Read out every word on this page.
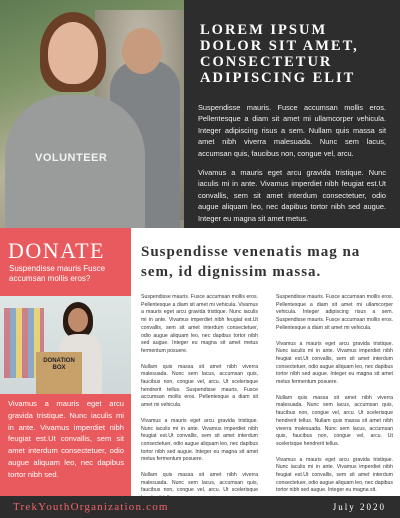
VOLUNTEER
LOREM IPSUM DOLOR SIT AMET, CONSECTETUR ADIPISCING ELIT

Suspendisse mauris. Fusce accumsan mollis eros. Pellentesque a diam sit amet mi ullamcorper vehicula. Integer adipiscing risus a sem. Nullam quis massa sit amet nibh viverra malesuada. Nunc sem lacus, accumsan quis, faucibus non, congue vel, arcu.

Vivamus a mauris eget arcu gravida tristique. Nunc iaculis mi in ante. Vivamus imperdiet nibh feugiat est.Ut convallis, sem sit amet interdum consectetuer, odio augue aliquam leo, nec dapibus tortor nibh sed augue. Integer eu magna sit amet metus.

DONATE
Suspendisse mauris Fusce accumsan mollis eros?
DONATION BOX

Vivamus a mauris eget arcu gravida tristique. Nunc iaculis mi in ante. Vivamus imperdiet nibh feugiat est.Ut convallis, sem sit amet interdum consectetuer, odio augue aliquam leo, nec dapibus tortor nibh sed.

Suspendisse venenatis mag na sem, id dignissim massa.

Suspendisse mauris. Fusce accumsan mollis eros. Pellentesque a diam sit amet mi vehicula. Vivamus a mauris eget arcu gravida tristique. Nunc iaculis mi in ante. Vivamus imperdiet nibh feugiat est.Ut convallis, sem sit amet interdum consectetuer, odio augue aliquam leo, nec dapibus tortor nibh sed augue. Integer eu magna sit amet metus fermentum posuere.

Nullam quis massa sit amet nibh viverra malesuada. Nunc sem lacus, accumsan quis, faucibus non, congue vel, arcu. Ut scelerisque hendrerit tellus. Suspendisse mauris. Fusce accumsan mollis eros. Pellentesque a diam sit amet mi vehicula.

Vivamus a mauris eget arcu gravida tristique. Nunc iaculis mi in ante. Vivamus imperdiet nibh feugiat est.Ut convallis, sem sit amet interdum consectetuer, odio augue aliquam leo, nec dapibus tortor nibh sed augue. Integer eu magna sit amet metus fermentum posuere.

Nullam quis massa sit amet nibh viverra malesuada. Nunc sem lacus, accumsan quis, faucibus non, congue vel, arcu. Ut scelerisque

Suspendisse mauris. Fusce accumsan mollis eros. Pellentesque a diam sit amet mi ullamcorper vehicula. Integer adipiscing risus a sem. Suspendisse mauris. Fusce accumsan mollis eros. Pellentesque a diam sit amet mi vehicula.

Vivamus a mauris eget arcu gravida tristique. Nunc iaculis mi in ante. Vivamus imperdiet nibh feugiat est.Ut convallis, sem sit amet interdum consectetuer, odio augue aliquam leo, nec dapibus tortor nibh sed augue. Integer eu magna sit amet metus fermentum posuere.

Nullam quis massa sit amet nibh viverra malesuada. Nunc sem lacus, accumsan quis, faucibus non, congue vel, arcu. Ut scelerisque hendrerit tellus. Nullam quis massa sit amet nibh viverra malesuada. Nunc sem lacus, accumsan quis, faucibus non, congue vel, arcu. Ut scelerisque hendrerit tellus.

Vivamus a mauris eget arcu gravida tristique. Nunc iaculis mi in ante. Vivamus imperdiet nibh feugiat est.Ut convallis, sem sit amet interdum consectetuer, odio augue aliquam leo, nec dapibus tortor nibh sed augue. Integer eu magna sit.

TrekYouthOrganization.com	July 2020
